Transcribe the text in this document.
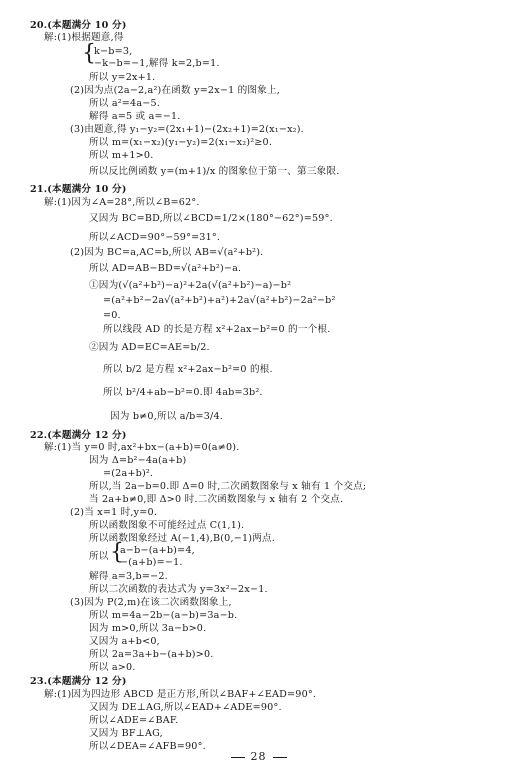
20.(本题满分 10 分)
解:(1)根据题意,得
k−b=3,
−k−b=−1,解得 k=2,b=1.
所以 y=2x+1.
(2)因为点(2a−2,a²)在函数 y=2x−1 的图象上,
所以 a²=4a−5.
解得 a=5 或 a=−1.
(3)由题意,得 y₁−y₂=(2x₁+1)−(2x₂+1)=2(x₁−x₂).
所以 m=(x₁−x₂)(y₁−y₂)=2(x₁−x₂)²≥0.
所以 m+1>0.
所以反比例函数 y=(m+1)/x 的图象位于第一、第三象限.
21.(本题满分 10 分)
解:(1)因为∠A=28°,所以∠B=62°.
又因为 BC=BD,所以∠BCD=1/2×(180°−62°)=59°.
所以∠ACD=90°−59°=31°.
(2)因为 BC=a,AC=b,所以 AB=√(a²+b²).
所以 AD=AB−BD=√(a²+b²)−a.
①因为(√(a²+b²)−a)²+2a(√(a²+b²)−a)−b²
=(a²+b²−2a√(a²+b²)+a²)+2a√(a²+b²)−2a²−b²
=0.
所以线段 AD 的长是方程 x²+2ax−b²=0 的一个根.
②因为 AD=EC=AE=b/2.
所以 b/2 是方程 x²+2ax−b²=0 的根.
所以 b²/4+ab−b²=0.即 4ab=3b².
因为 b≠0,所以 a/b=3/4.
22.(本题满分 12 分)
解:(1)当 y=0 时,ax²+bx−(a+b)=0(a≠0).
因为 Δ=b²−4a(a+b)
=(2a+b)².
所以,当 2a−b=0.即 Δ=0 时,二次函数图象与 x 轴有 1 个交点;
当 2a+b≠0,即 Δ>0 时.二次函数图象与 x 轴有 2 个交点.
(2)当 x=1 时,y=0.
所以函数图象不可能经过点 C(1,1).
所以函数图象经过 A(−1,4),B(0,−1)两点.
a−b−(a+b)=4,
所以
−(a+b)=−1.
解得 a=3,b=−2.
所以二次函数的表达式为 y=3x²−2x−1.
(3)因为 P(2,m)在该二次函数图象上,
所以 m=4a−2b−(a−b)=3a−b.
因为 m>0,所以 3a−b>0.
又因为 a+b<0,
所以 2a=3a+b−(a+b)>0.
所以 a>0.
23.(本题满分 12 分)
解:(1)因为四边形 ABCD 是正方形,所以∠BAF+∠EAD=90°.
又因为 DE⊥AG,所以∠EAD+∠ADE=90°.
所以∠ADE=∠BAF.
又因为 BF⊥AG,
所以∠DEA=∠AFB=90°.
{
{
28
